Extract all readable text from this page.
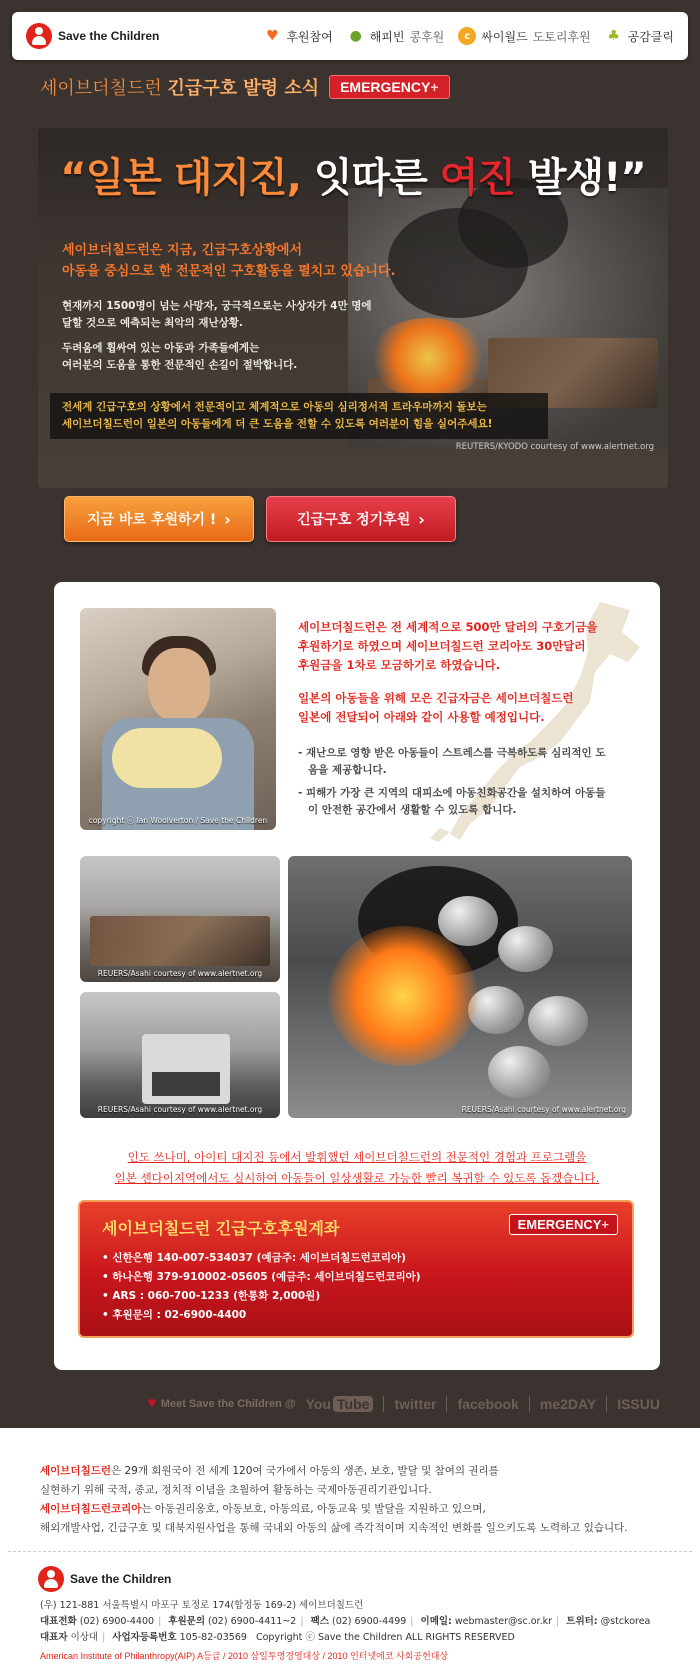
Save the Children	♥ 후원참여 ● 해피빈 콩후원	c 싸이월드 도토리후원 ♣ 공감클릭
세이브더칠드런 긴급구호 발령 소식	EMERGENCY+
“일본 대지진, 잇따른 여진 발생!”
세이브더칠드런은 지금, 긴급구호상황에서
아동을 중심으로 한 전문적인 구호활동을 펼치고 있습니다.
현재까지 1500명이 넘는 사망자, 궁극적으로는 사상자가 4만 명에
달할 것으로 예측되는 최악의 재난상황.
두려움에 휩싸여 있는 아동과 가족들에게는
여러분의 도움을 통한 전문적인 손길이 절박합니다.
전세계 긴급구호의 상황에서 전문적이고 체계적으로 아동의 심리정서적 트라우마까지 돌보는
세이브더칠드런이 일본의 아동들에게 더 큰 도움을 전할 수 있도록 여러분이 힘을 실어주세요!
REUTERS/KYODO courtesy of www.alertnet.org
지금 바로 후원하기 ! ›	긴급구호 정기후원 ›
copyright ⓒ Ian Woolverton / Save the Children
세이브더칠드런은 전 세계적으로 500만 달러의 구호기금을
후원하기로 하였으며 세이브더칠드런 코리아도 30만달러
후원금을 1차로 모금하기로 하였습니다.
일본의 아동들을 위해 모은 긴급자금은 세이브더칠드런
일본에 전달되어 아래와 같이 사용할 예정입니다.
- 재난으로 영향 받은 아동들이 스트레스를 극복하도록 심리적인 도움을 제공합니다.
- 피해가 가장 큰 지역의 대피소에 아동친화공간을 설치하여 아동들이 안전한 공간에서 생활할 수 있도록 합니다.
REUERS/Asahi courtesy of www.alertnet.org
REUERS/Asahi courtesy of www.alertnet.org	REUERS/Asahi courtesy of www.alertnet.org
인도 쓰나미, 아이티 대지진 등에서 발휘했던 세이브더칠드런의 전문적인 경험과 프로그램을
일본 센다이지역에서도 실시하여 아동들이 일상생활로 가능한 빨리 복귀할 수 있도록 돕겠습니다.
세이브더칠드런 긴급구호후원계좌	EMERGENCY+
• 신한은행 140-007-534037 (예금주: 세이브더칠드런코리아)
• 하나은행 379-910002-05605 (예금주: 세이브더칠드런코리아)
• ARS : 060-700-1233 (한통화 2,000원)
• 후원문의 : 02-6900-4400
♥ Meet Save the Children @ You Tube twitter facebook me2DAY ISSUU
세이브더칠드런은 29개 회원국이 전 세계 120여 국가에서 아동의 생존, 보호, 발달 및 참여의 권리를
실현하기 위해 국적, 종교, 정치적 이념을 초월하여 활동하는 국제아동권리기관입니다.
세이브더칠드런코리아는 아동권리옹호, 아동보호, 아동의료, 아동교육 및 발달을 지원하고 있으며,
해외개발사업, 긴급구호 및 대북지원사업을 통해 국내외 아동의 삶에 즉각적이며 지속적인 변화를 일으키도록 노력하고 있습니다.
Save the Children
(우) 121-881 서울특별시 마포구 토정로 174(합정동 169-2) 세이브더칠드런
대표전화 (02) 6900-4400 | 후원문의 (02) 6900-4411~2 | 팩스 (02) 6900-4499 | 이메일: webmaster@sc.or.kr | 트위터: @stckorea
대표자 이상대 | 사업자등록번호 105-82-03569 Copyright ⓒ Save the Children ALL RIGHTS RESERVED
American Institute of Philanthropy(AIP) A등급 / 2010 삼일투명경영대상 / 2010 인터넷에코 사회공헌대상
